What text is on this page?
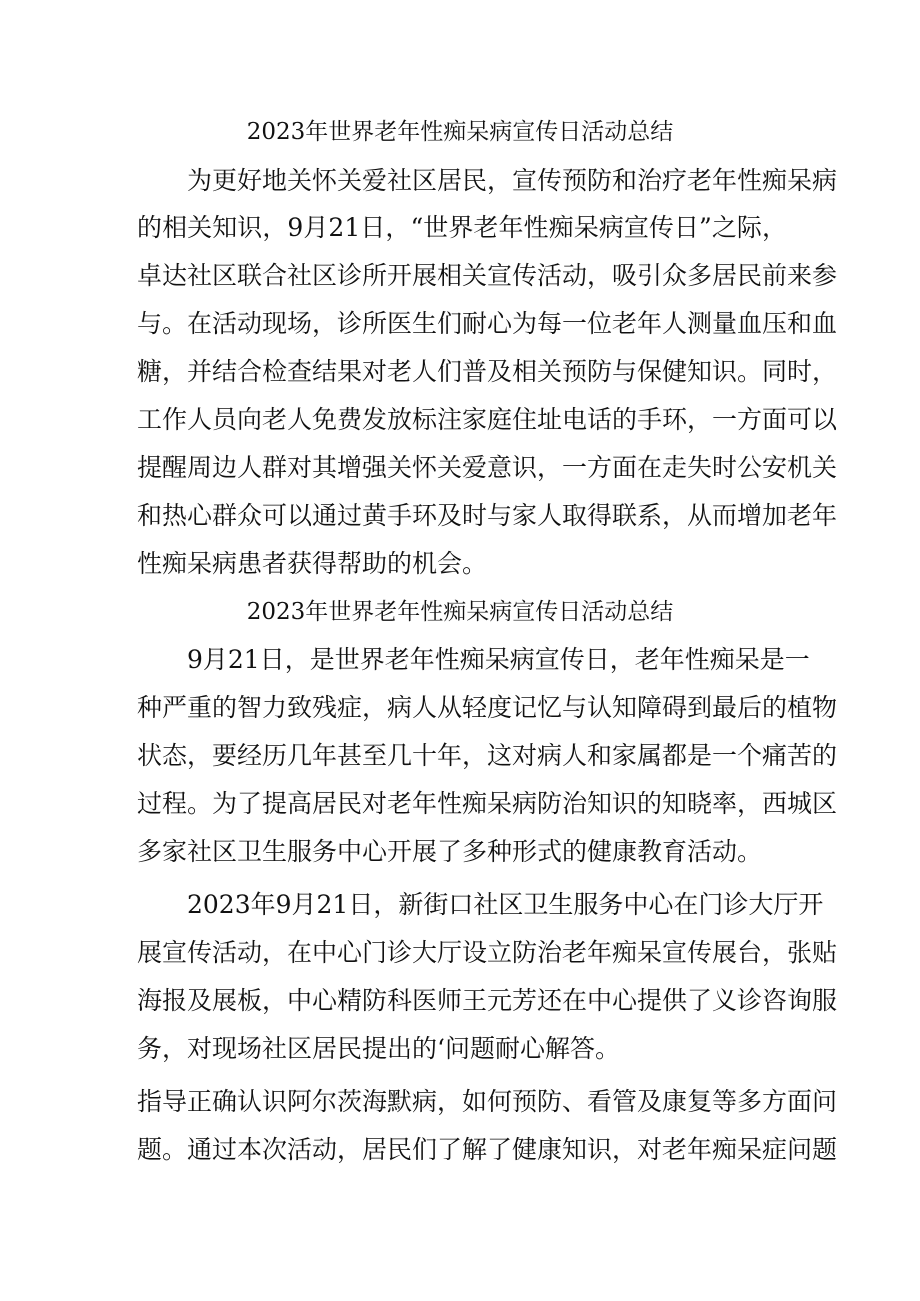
2023年世界老年性痴呆病宣传日活动总结
为更好地关怀关爱社区居民，宣传预防和治疗老年性痴呆病
的相关知识，9月21日，“世界老年性痴呆病宣传日”之际，
卓达社区联合社区诊所开展相关宣传活动，吸引众多居民前来参
与。在活动现场，诊所医生们耐心为每一位老年人测量血压和血
糖，并结合检查结果对老人们普及相关预防与保健知识。同时，
工作人员向老人免费发放标注家庭住址电话的手环，一方面可以
提醒周边人群对其增强关怀关爱意识，一方面在走失时公安机关
和热心群众可以通过黄手环及时与家人取得联系，从而增加老年
性痴呆病患者获得帮助的机会。
2023年世界老年性痴呆病宣传日活动总结
9月21日，是世界老年性痴呆病宣传日，老年性痴呆是一
种严重的智力致残症，病人从轻度记忆与认知障碍到最后的植物
状态，要经历几年甚至几十年，这对病人和家属都是一个痛苦的
过程。为了提高居民对老年性痴呆病防治知识的知晓率，西城区
多家社区卫生服务中心开展了多种形式的健康教育活动。
2023年9月21日，新街口社区卫生服务中心在门诊大厅开
展宣传活动，在中心门诊大厅设立防治老年痴呆宣传展台，张贴
海报及展板，中心精防科医师王元芳还在中心提供了义诊咨询服
务，对现场社区居民提出的‘问题耐心解答。
指导正确认识阿尔茨海默病，如何预防、看管及康复等多方面问
题。通过本次活动，居民们了解了健康知识，对老年痴呆症问题
